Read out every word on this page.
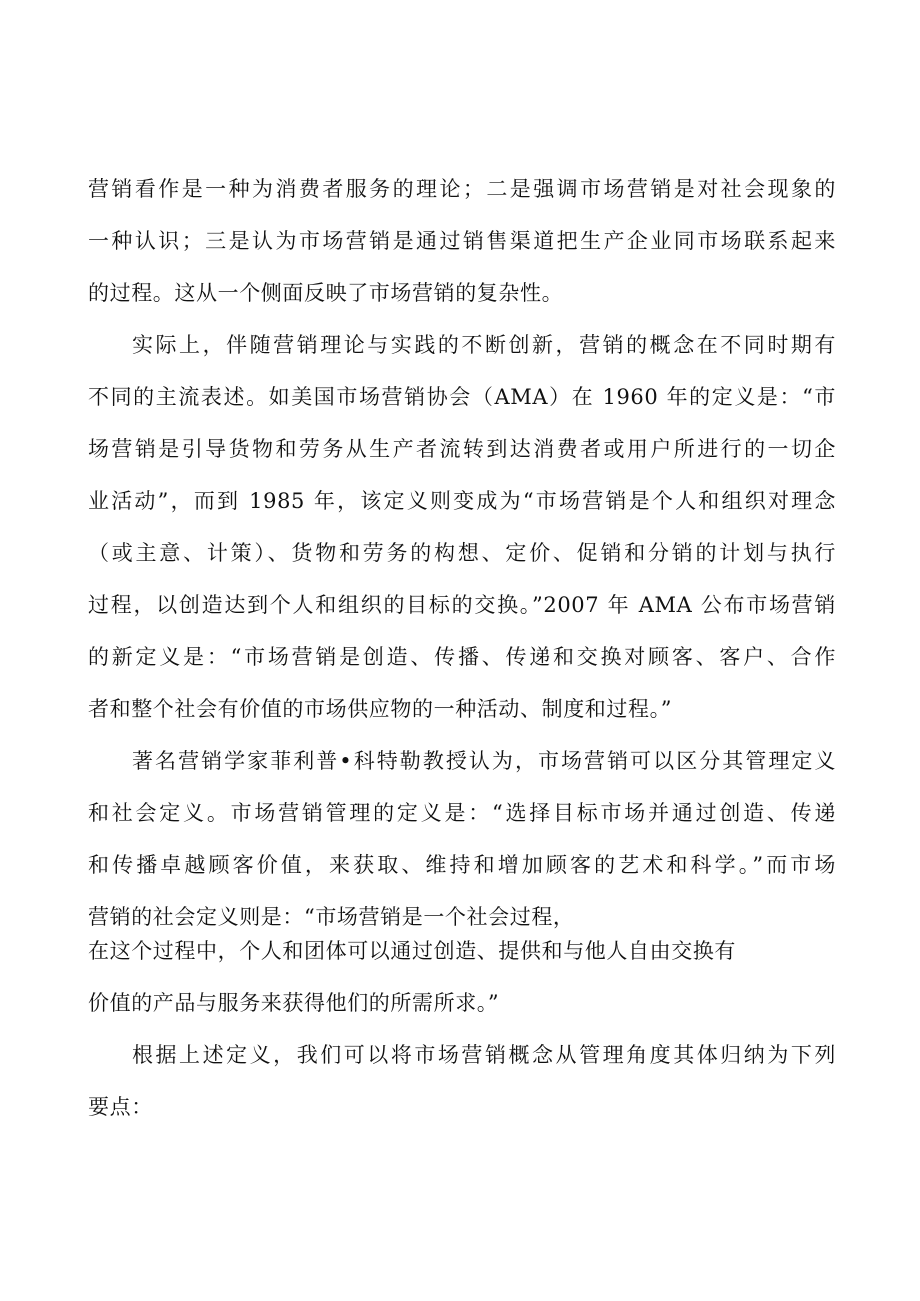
营销看作是一种为消费者服务的理论；二是强调市场营销是对社会现象的
一种认识；三是认为市场营销是通过销售渠道把生产企业同市场联系起来
的过程。这从一个侧面反映了市场营销的复杂性。
实际上，伴随营销理论与实践的不断创新，营销的概念在不同时期有
不同的主流表述。如美国市场营销协会（AMA）在 1960 年的定义是：“市
场营销是引导货物和劳务从生产者流转到达消费者或用户所进行的一切企
业活动”，而到 1985 年，该定义则变成为“市场营销是个人和组织对理念
（或主意、计策）、货物和劳务的构想、定价、促销和分销的计划与执行
过程，以创造达到个人和组织的目标的交换。”2007 年 AMA 公布市场营销
的新定义是：“市场营销是创造、传播、传递和交换对顾客、客户、合作
者和整个社会有价值的市场供应物的一种活动、制度和过程。”
著名营销学家菲利普•科特勒教授认为，市场营销可以区分其管理定义
和社会定义。市场营销管理的定义是：“选择目标市场并通过创造、传递
和传播卓越顾客价值，来获取、维持和增加顾客的艺术和科学。”而市场
营销的社会定义则是：“市场营销是一个社会过程，
在这个过程中，个人和团体可以通过创造、提供和与他人自由交换有
价值的产品与服务来获得他们的所需所求。”
根据上述定义，我们可以将市场营销概念从管理角度其体归纳为下列
要点：
